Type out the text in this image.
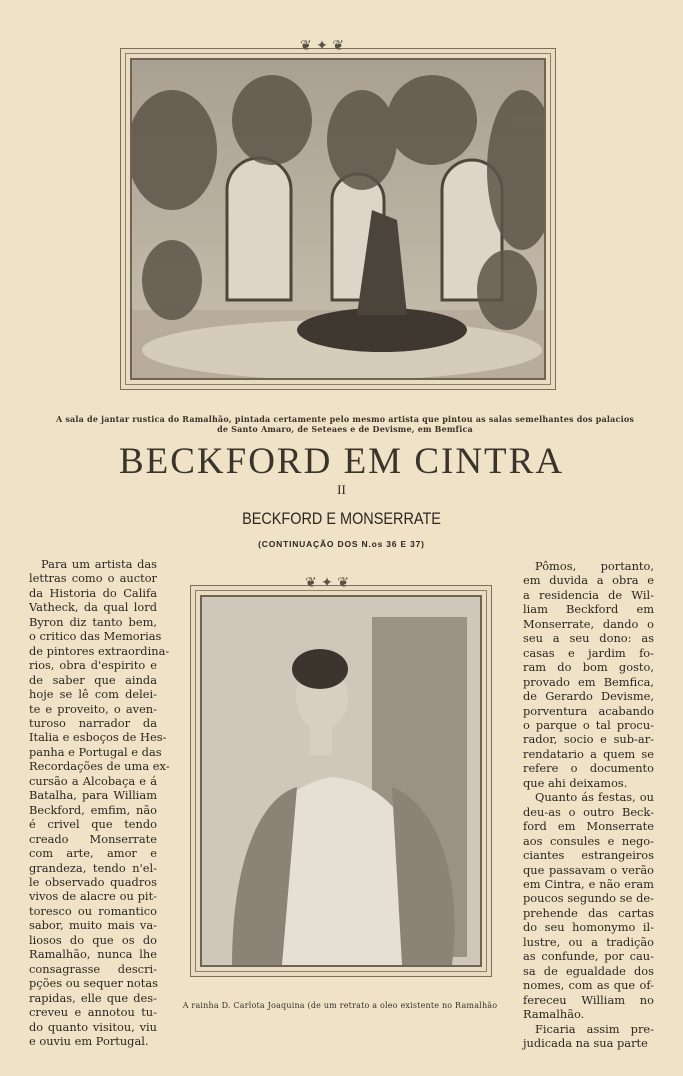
❦ ✦ ❦
A sala de jantar rustica do Ramalhão, pintada certamente pelo mesmo artista que pintou as salas semelhantes dos palacios
de Santo Amaro, de Seteaes e de Devisme, em Bemfica
BECKFORD EM CINTRA
II
BECKFORD E MONSERRATE
(CONTINUAÇÃO DOS N.os 36 E 37)
Para um artista das
lettras como o auctor
da Historia do Califa
Vatheck, da qual lord
Byron diz tanto bem,
o critico das Memorias
de pintores extraordina-
rios, obra d'espirito e
de saber que ainda
hoje se lê com delei-
te e proveito, o aven-
turoso narrador da
Italia e esboços de Hes-
panha e Portugal e das
Recordações de uma ex-
cursão a Alcobaça e á
Batalha, para William
Beckford, emfim, não
é crivel que tendo
creado Monserrate
com arte, amor e
grandeza, tendo n'el-
le observado quadros
vivos de alacre ou pit-
toresco ou romantico
sabor, muito mais va-
liosos do que os do
Ramalhão, nunca lhe
consagrasse descri-
pções ou sequer notas
rapidas, elle que des-
creveu e annotou tu-
do quanto visitou, viu
e ouviu em Portugal.
Pômos, portanto,
em duvida a obra e
a residencia de Wil-
liam Beckford em
Monserrate, dando o
seu a seu dono: as
casas e jardim fo-
ram do bom gosto,
provado em Bemfica,
de Gerardo Devisme,
porventura acabando
o parque o tal procu-
rador, socio e sub-ar-
rendatario a quem se
refere o documento
que ahi deixamos.
Quanto ás festas, ou
deu-as o outro Beck-
ford em Monserrate
aos consules e nego-
ciantes estrangeiros
que passavam o verão
em Cintra, e não eram
poucos segundo se de-
prehende das cartas
do seu homonymo il-
lustre, ou a tradição
as confunde, por cau-
sa de egualdade dos
nomes, com as que of-
fereceu William no
Ramalhão.
Ficaria assim pre-
judicada na sua parte
❦ ✦ ❦
A rainha D. Carlota Joaquina (de um retrato a oleo existente no Ramalhão
